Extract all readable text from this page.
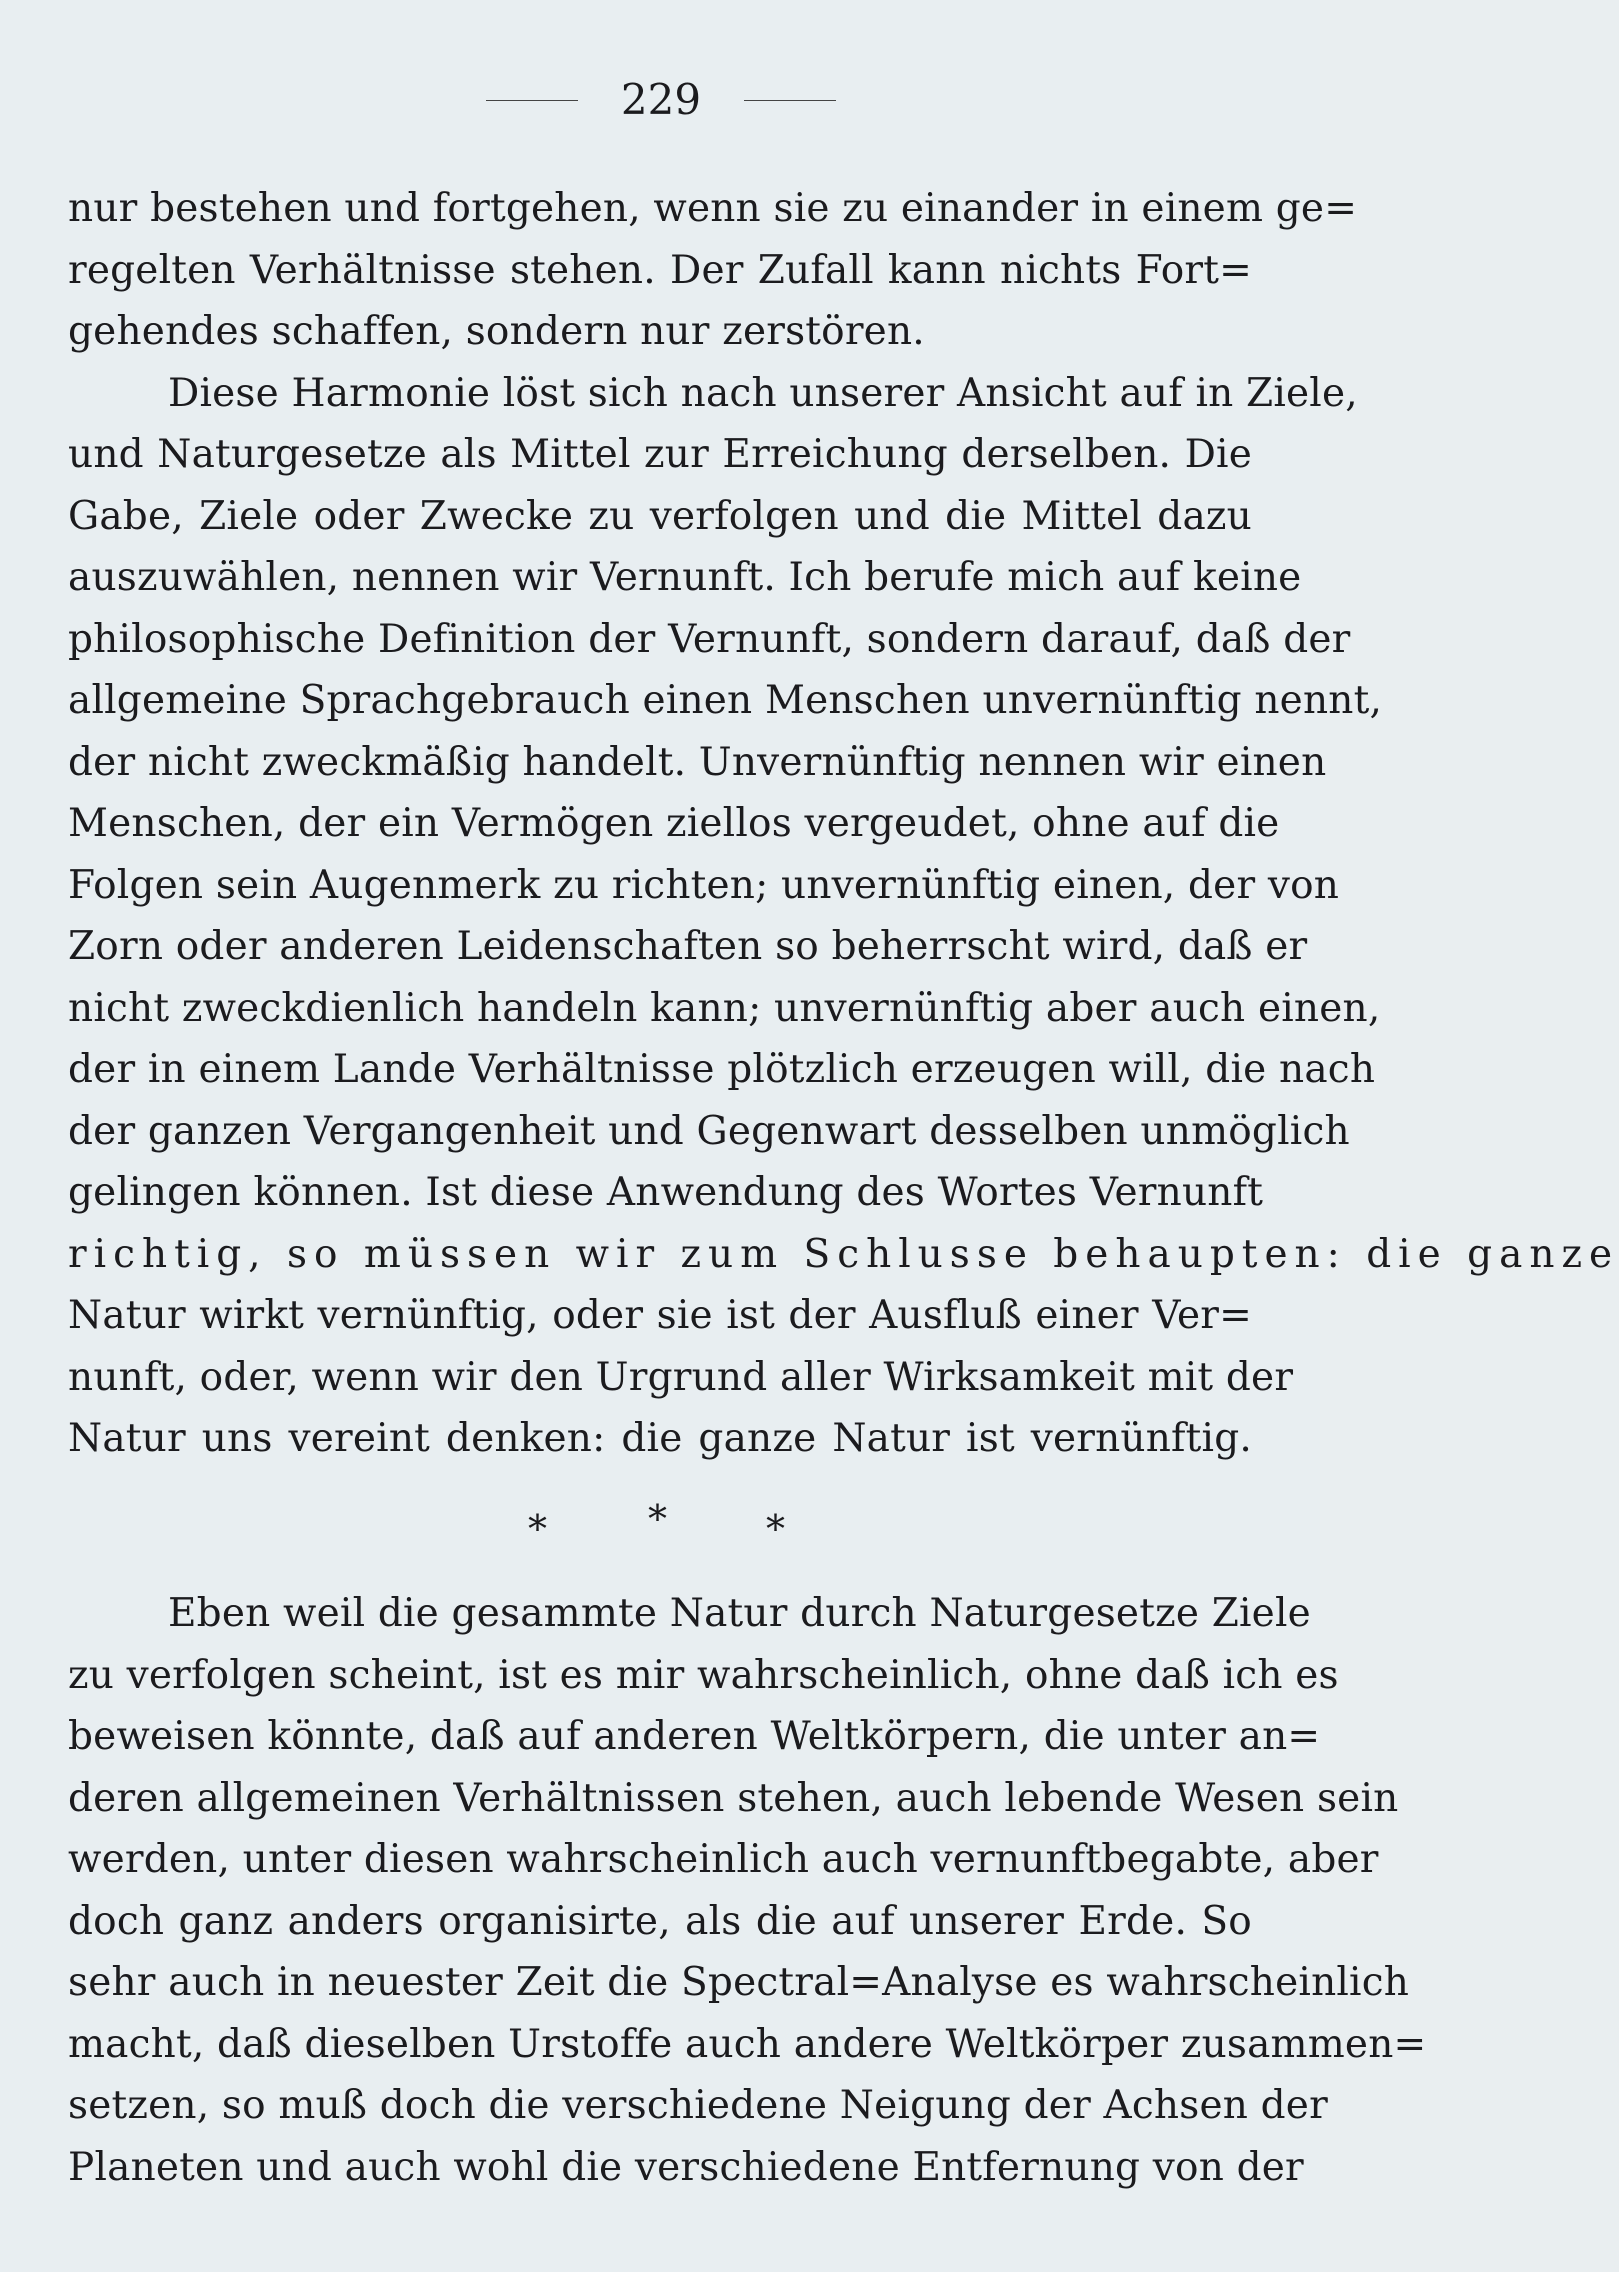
229
nur bestehen und fortgehen, wenn sie zu einander in einem ge=
regelten Verhältnisse stehen. Der Zufall kann nichts Fort=
gehendes schaffen, sondern nur zerstören.
Diese Harmonie löst sich nach unserer Ansicht auf in Ziele,
und Naturgesetze als Mittel zur Erreichung derselben. Die
Gabe, Ziele oder Zwecke zu verfolgen und die Mittel dazu
auszuwählen, nennen wir Vernunft. Ich berufe mich auf keine
philosophische Definition der Vernunft, sondern darauf, daß der
allgemeine Sprachgebrauch einen Menschen unvernünftig nennt,
der nicht zweckmäßig handelt. Unvernünftig nennen wir einen
Menschen, der ein Vermögen ziellos vergeudet, ohne auf die
Folgen sein Augenmerk zu richten; unvernünftig einen, der von
Zorn oder anderen Leidenschaften so beherrscht wird, daß er
nicht zweckdienlich handeln kann; unvernünftig aber auch einen,
der in einem Lande Verhältnisse plötzlich erzeugen will, die nach
der ganzen Vergangenheit und Gegenwart desselben unmöglich
gelingen können. Ist diese Anwendung des Wortes Vernunft
richtig, so müssen wir zum Schlusse behaupten: die ganze
Natur wirkt vernünftig, oder sie ist der Ausfluß einer Ver=
nunft, oder, wenn wir den Urgrund aller Wirksamkeit mit der
Natur uns vereint denken: die ganze Natur ist vernünftig.
*	*	*
Eben weil die gesammte Natur durch Naturgesetze Ziele
zu verfolgen scheint, ist es mir wahrscheinlich, ohne daß ich es
beweisen könnte, daß auf anderen Weltkörpern, die unter an=
deren allgemeinen Verhältnissen stehen, auch lebende Wesen sein
werden, unter diesen wahrscheinlich auch vernunftbegabte, aber
doch ganz anders organisirte, als die auf unserer Erde. So
sehr auch in neuester Zeit die Spectral=Analyse es wahrscheinlich
macht, daß dieselben Urstoffe auch andere Weltkörper zusammen=
setzen, so muß doch die verschiedene Neigung der Achsen der
Planeten und auch wohl die verschiedene Entfernung von der
